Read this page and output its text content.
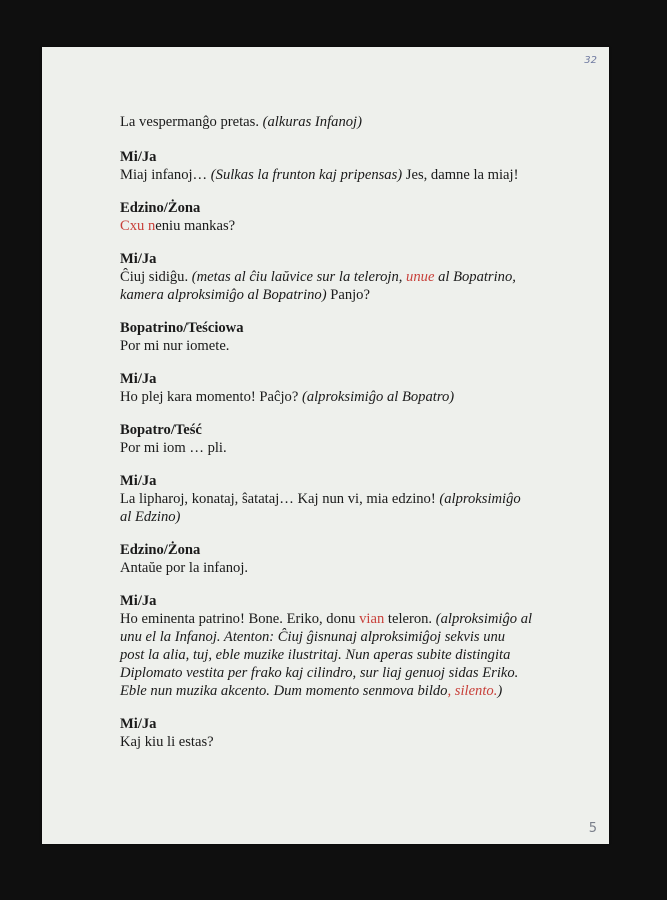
32
La vespermanĝo pretas. (alkuras Infanoj)
Mi/Ja
Miaj infanoj… (Sulkas la frunton kaj pripensas) Jes, damne la miaj!
Edzino/Żona
Cxu neniu mankas?
Mi/Ja
Ĉiuj sidiĝu. (metas al ĉiu laŭvice sur la telerojn, unue al Bopatrino,
kamera alproksimiĝo al Bopatrino) Panjo?
Bopatrino/Teściowa
Por mi nur iomete.
Mi/Ja
Ho plej kara momento! Paĉjo? (alproksimiĝo al Bopatro)
Bopatro/Teść
Por mi iom … pli.
Mi/Ja
La lipharoj, konataj, ŝatataj… Kaj nun vi, mia edzino! (alproksimiĝo
al Edzino)
Edzino/Żona
Antaŭe por la infanoj.
Mi/Ja
Ho eminenta patrino! Bone. Eriko, donu vian teleron. (alproksimiĝo al
unu el la Infanoj. Atenton: Ĉiuj ĝisnunaj alproksimiĝoj sekvis unu
post la alia, tuj, eble muzike ilustritaj. Nun aperas subite distingita
Diplomato vestita per frako kaj cilindro, sur liaj genuoj sidas Eriko.
Eble nun muzika akcento. Dum momento senmova bildo, silento.)
Mi/Ja
Kaj kiu li estas?
5
